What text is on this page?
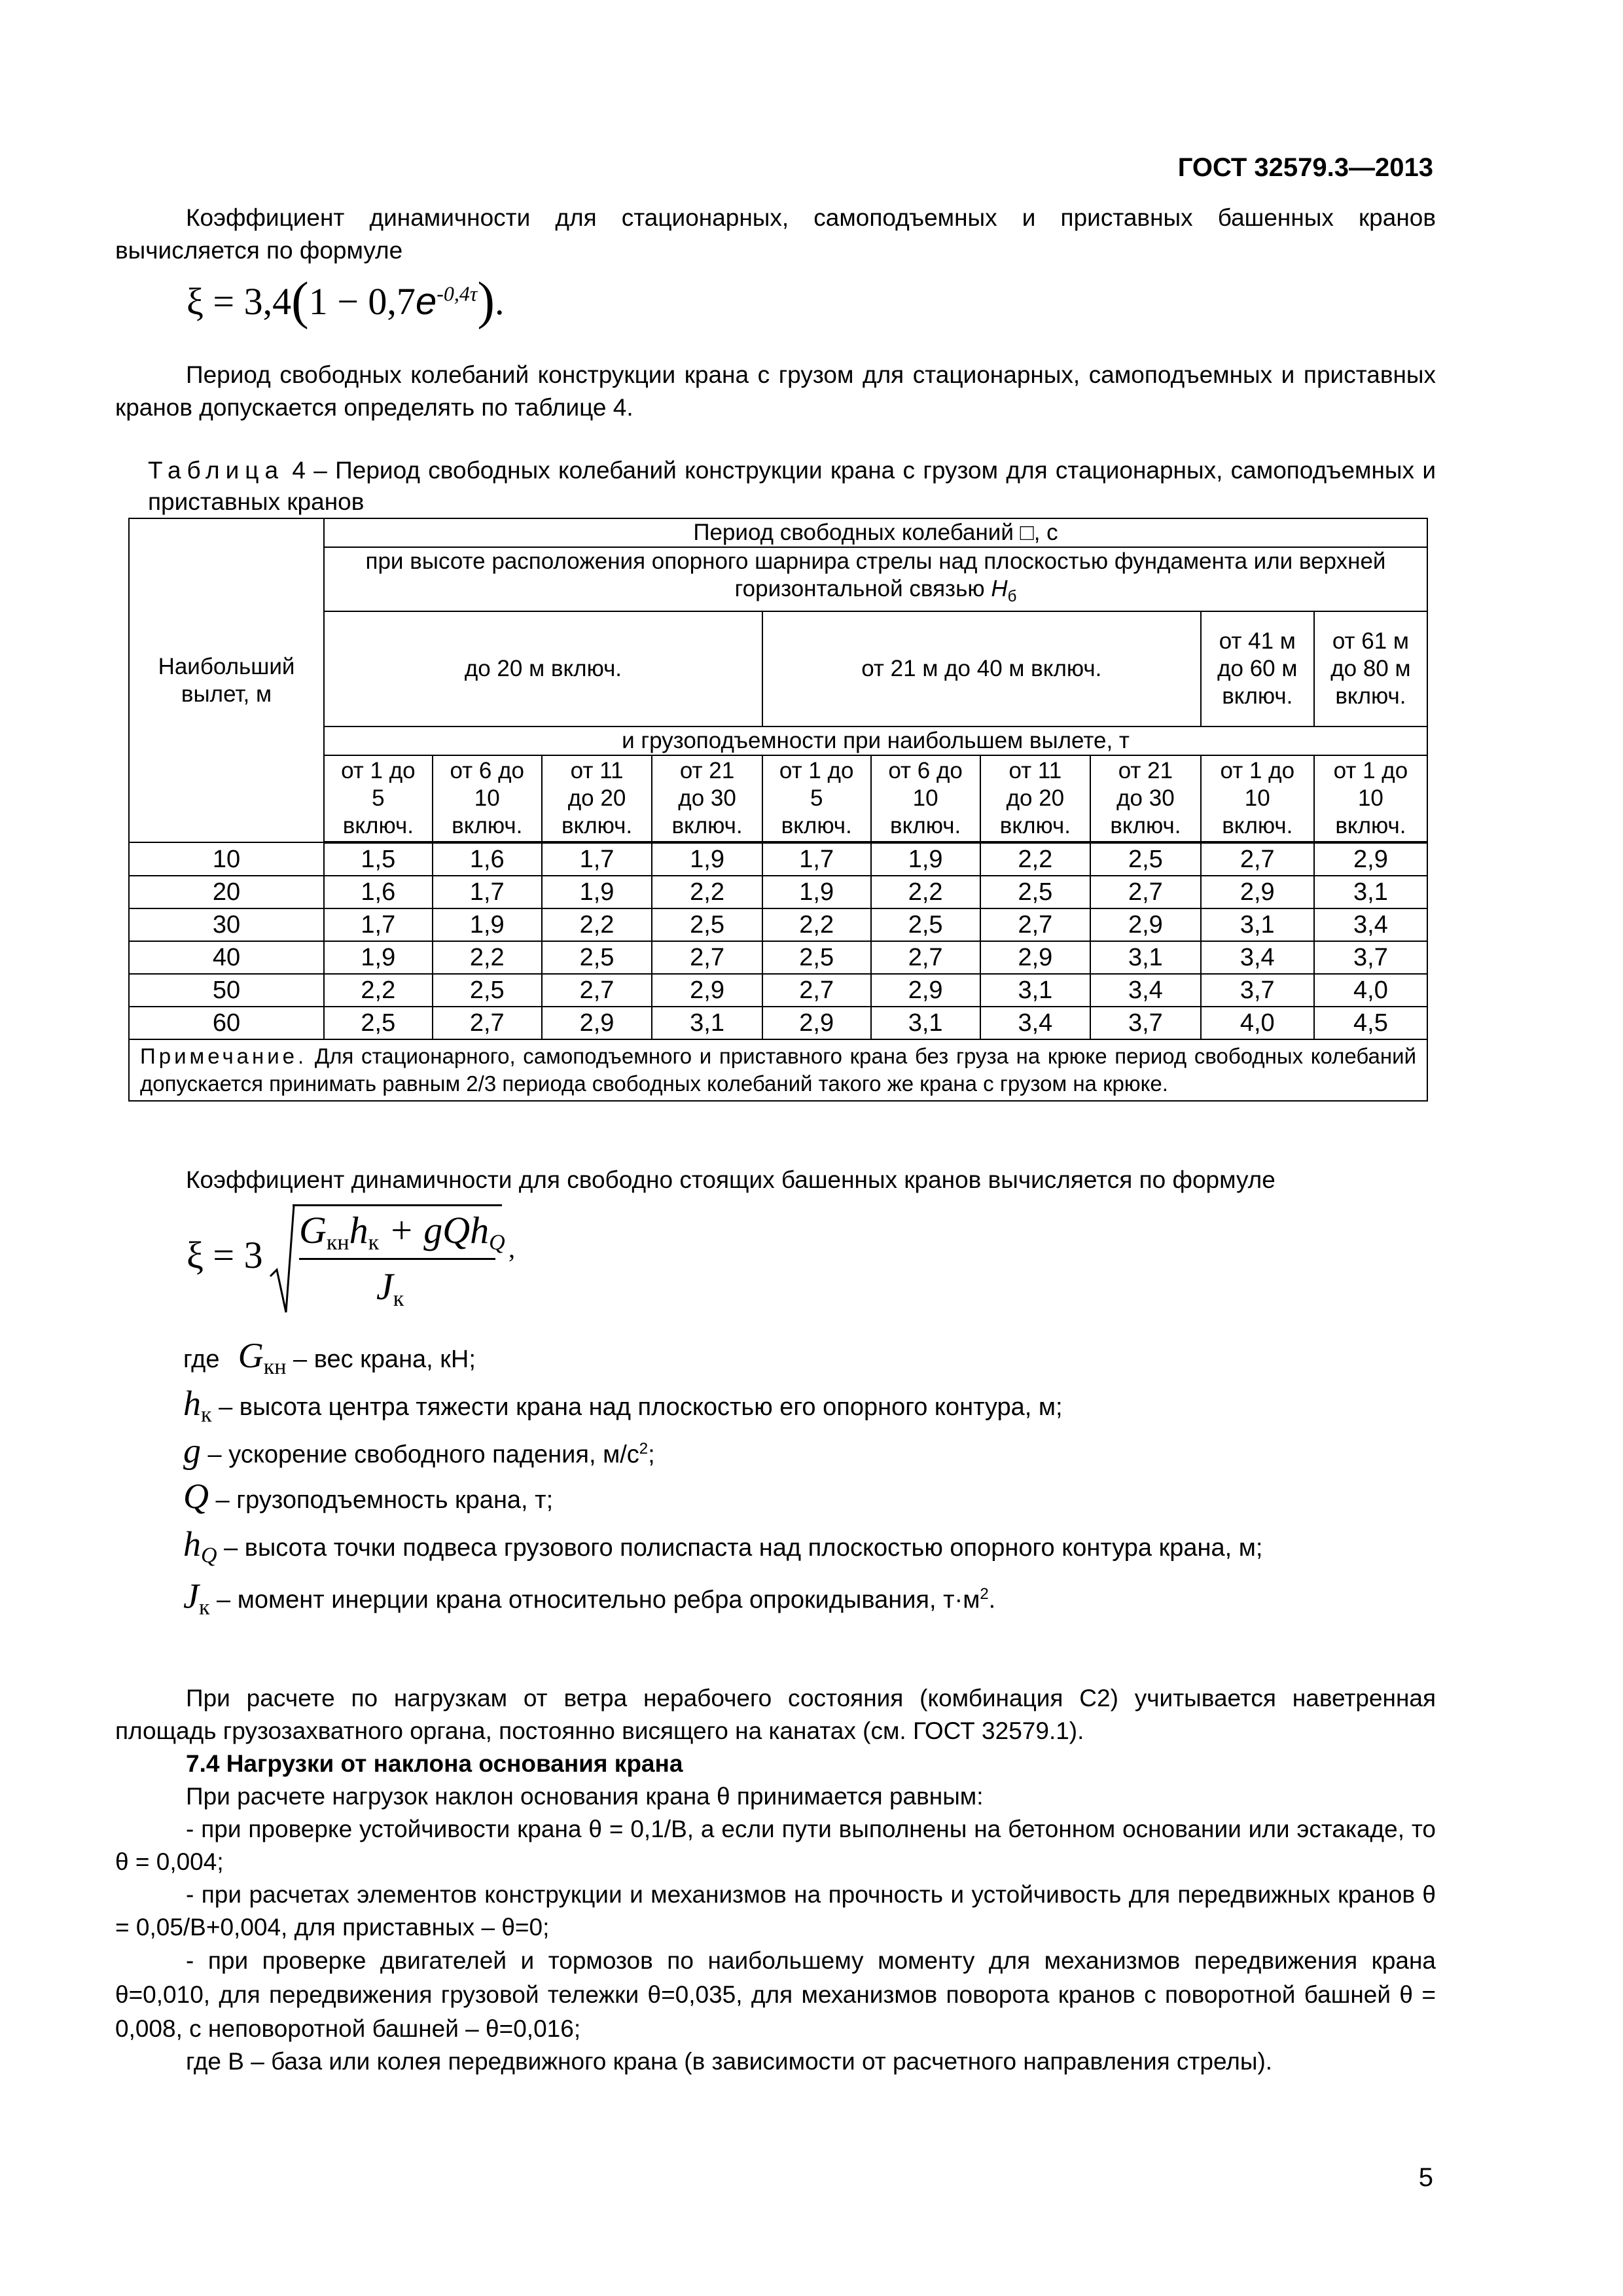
ГОСТ 32579.3—2013
Коэффициент динамичности для стационарных, самоподъемных и приставных башенных кранов вычисляется по формуле
$\xi = 3,4(1 - 0,7e^{-0,4\tau})$.
Период свободных колебаний конструкции крана с грузом для стационарных, самоподъемных и приставных кранов допускается определять по таблице 4.
Таблица 4 – Период свободных колебаний конструкции крана с грузом для стационарных, самоподъемных и приставных кранов
Наибольший вылет, м	Период свободных колебаний □, с									
	при высоте расположения опорного шарнира стрелы над плоскостью фундамента или верхней горизонтальной связью $H_б$
	до 20 м включ.				от 21 м до 40 м включ.				от 41 м до 60 м включ.	от 61 м до 80 м включ.
	и грузоподъемности при наибольшем вылете, т									
	от 1 до 5 включ.	от 6 до 10 включ.	от 11 до 20 включ.	от 21 до 30 включ.	от 1 до 5 включ.	от 6 до 10 включ.	от 11 до 20 включ.	от 21 до 30 включ.	от 1 до 10 включ.	от 1 до 10 включ.
10	1,5	1,6	1,7	1,9	1,7	1,9	2,2	2,5	2,7	2,9
20	1,6	1,7	1,9	2,2	1,9	2,2	2,5	2,7	2,9	3,1
30	1,7	1,9	2,2	2,5	2,2	2,5	2,7	2,9	3,1	3,4
40	1,9	2,2	2,5	2,7	2,5	2,7	2,9	3,1	3,4	3,7
50	2,2	2,5	2,7	2,9	2,7	2,9	3,1	3,4	3,7	4,0
60	2,5	2,7	2,9	3,1	2,9	3,1	3,4	3,7	4,0	4,5
Примечание. Для стационарного, самоподъемного и приставного крана без груза на крюке период свободных колебаний допускается принимать равным 2/3 периода свободных колебаний такого же крана с грузом на крюке.										
Коэффициент динамичности для свободно стоящих башенных кранов вычисляется по формуле
ξ = 3
$G_{кн}h_к + gQh_Q$
$J_к$
,
где Gкн – вес крана, кН;
hк – высота центра тяжести крана над плоскостью его опорного контура, м;
g – ускорение свободного падения, $м/с^2$;
Q – грузоподъемность крана, т;
hQ – высота точки подвеса грузового полиспаста над плоскостью опорного контура крана, м;
Jк – момент инерции крана относительно ребра опрокидывания, $т\cdot м^2$.
При расчете по нагрузкам от ветра нерабочего состояния (комбинация С2) учитывается наветренная площадь грузозахватного органа, постоянно висящего на канатах (см. ГОСТ 32579.1).
7.4 Нагрузки от наклона основания крана
При расчете нагрузок наклон основания крана θ принимается равным:
- при проверке устойчивости крана θ = 0,1/B, а если пути выполнены на бетонном основании или эстакаде, то θ = 0,004;
- при расчетах элементов конструкции и механизмов на прочность и устойчивость для передвижных кранов θ = 0,05/B+0,004, для приставных – θ=0;
- при проверке двигателей и тормозов по наибольшему моменту для механизмов передвижения крана θ=0,010, для передвижения грузовой тележки θ=0,035, для механизмов поворота кранов с поворотной башней θ = 0,008, с неповоротной башней – θ=0,016;
где B – база или колея передвижного крана (в зависимости от расчетного направления стрелы).
5
